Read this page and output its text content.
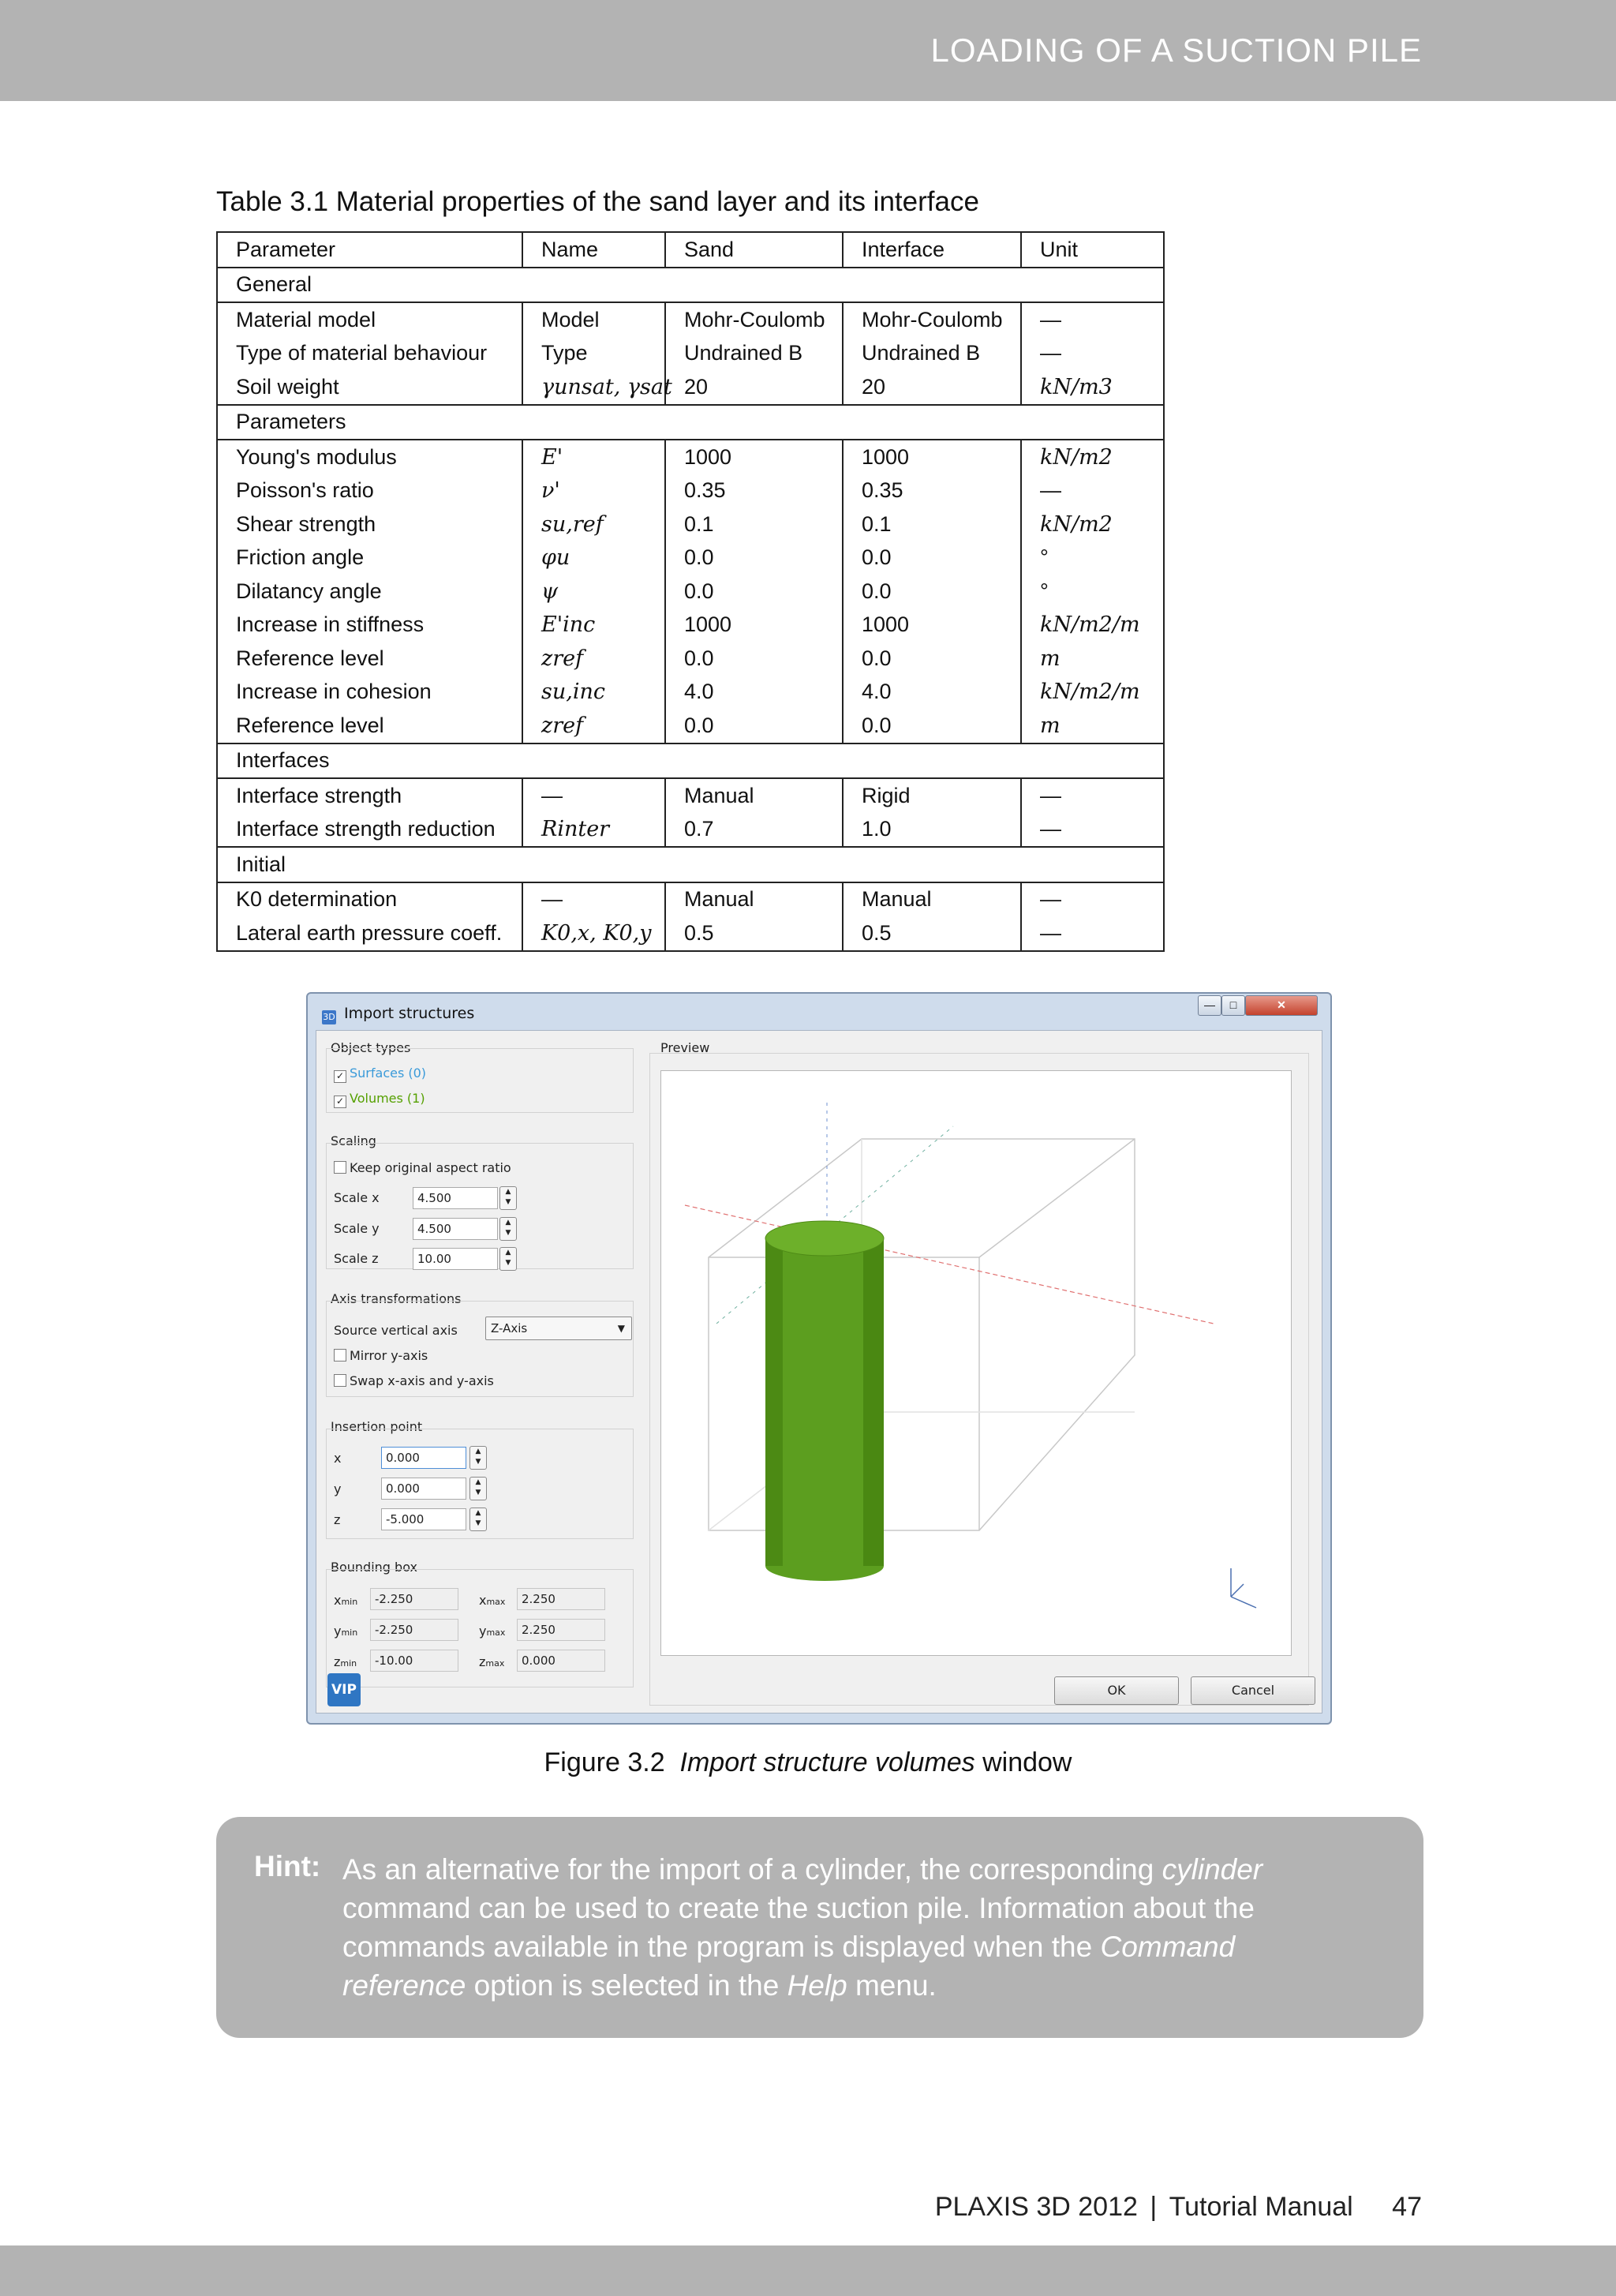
LOADING OF A SUCTION PILE
Table 3.1 Material properties of the sand layer and its interface
Parameter	Name	Sand	Interface	Unit
General				
Material model	Model	Mohr-Coulomb	Mohr-Coulomb	—
Type of material behaviour	Type	Undrained B	Undrained B	—
Soil weight	γunsat, γsat	20	20	kN/m3
Parameters				
Young's modulus	E'	1000	1000	kN/m2
Poisson's ratio	ν'	0.35	0.35	—
Shear strength	su,ref	0.1	0.1	kN/m2
Friction angle	φu	0.0	0.0	°
Dilatancy angle	ψ	0.0	0.0	°
Increase in stiffness	E'inc	1000	1000	kN/m2/m
Reference level	zref	0.0	0.0	m
Increase in cohesion	su,inc	4.0	4.0	kN/m2/m
Reference level	zref	0.0	0.0	m
Interfaces				
Interface strength	—	Manual	Rigid	—
Interface strength reduction	Rinter	0.7	1.0	—
Initial				
K0 determination	—	Manual	Manual	—
Lateral earth pressure coeff.	K0,x, K0,y	0.5	0.5	—
3D Import structures	—	□	✕
Object types
✓ Surfaces (0)
✓ Volumes (1)
Scaling
Keep original aspect ratio
Scale x	4.500	▲
▼
Scale y	4.500	▲
▼
Scale z	10.00	▲
▼
Axis transformations
Source vertical axis	Z-Axis	▼
Mirror y-axis
Swap x-axis and y-axis
Insertion point
x	0.000	▲
▼
y	0.000	▲
▼
z	-5.000	▲
▼
Bounding box
xmin	-2.250	xmax	2.250
ymin	-2.250	ymax	2.250
zmin	-10.00	zmax	0.000
Preview
VIP	OK	Cancel
Figure 3.2 Import structure volumes window
Hint: As an alternative for the import of a cylinder, the corresponding cylinder command can be used to create the suction pile. Information about the commands available in the program is displayed when the Command reference option is selected in the Help menu.
PLAXIS 3D 2012 | Tutorial Manual 47
